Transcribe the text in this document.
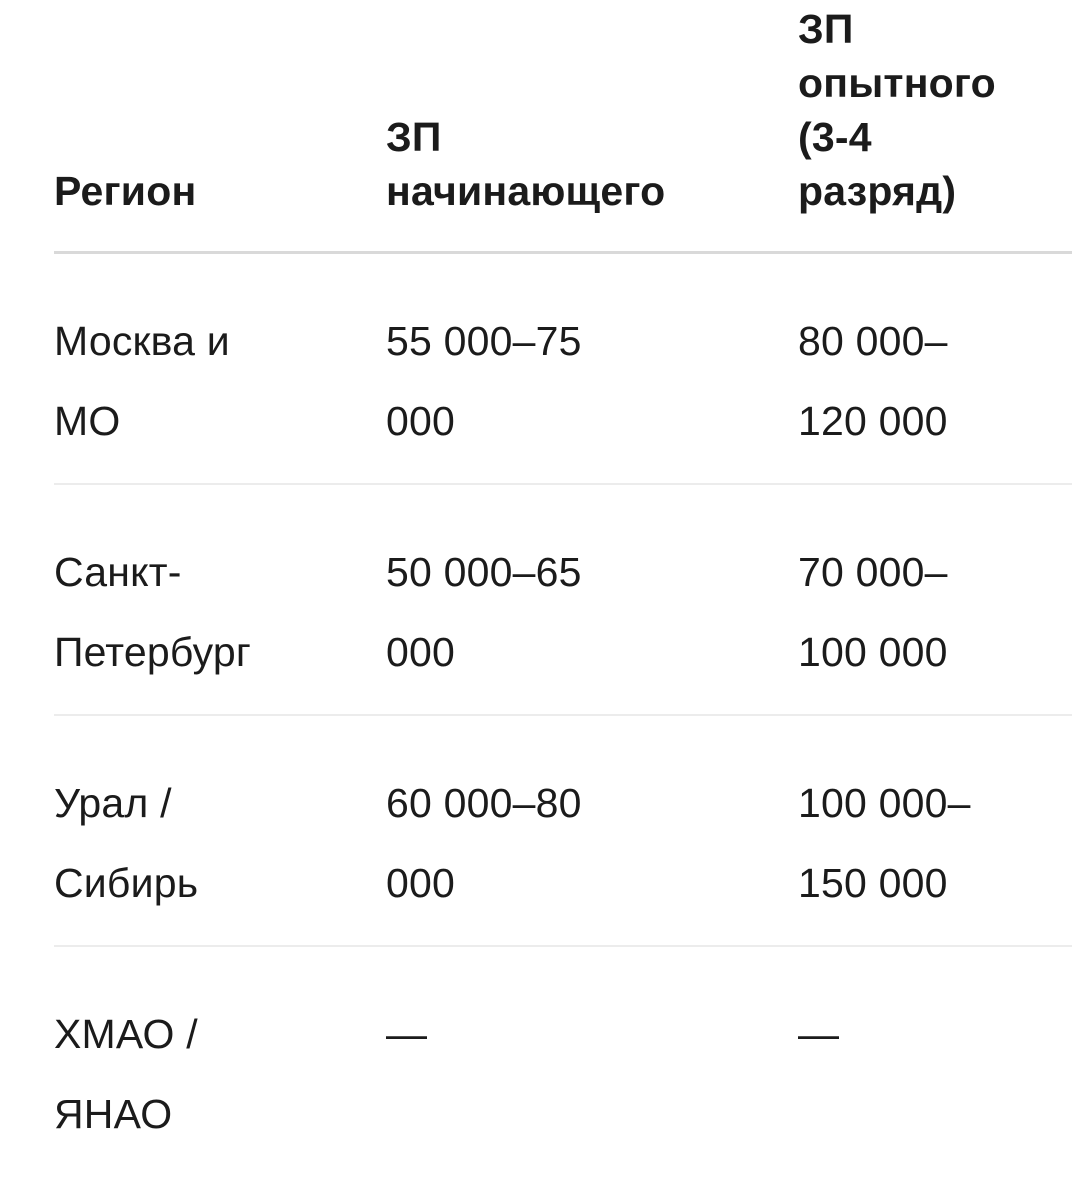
Регион
ЗП
начинающего
ЗП
опытного
(3-4
разряд)
Москва и
МО
55 000–75
000
80 000–
120 000
Санкт-
Петербург
50 000–65
000
70 000–
100 000
Урал /
Сибирь
60 000–80
000
100 000–
150 000
ХМАО /
ЯНАО
—	—
